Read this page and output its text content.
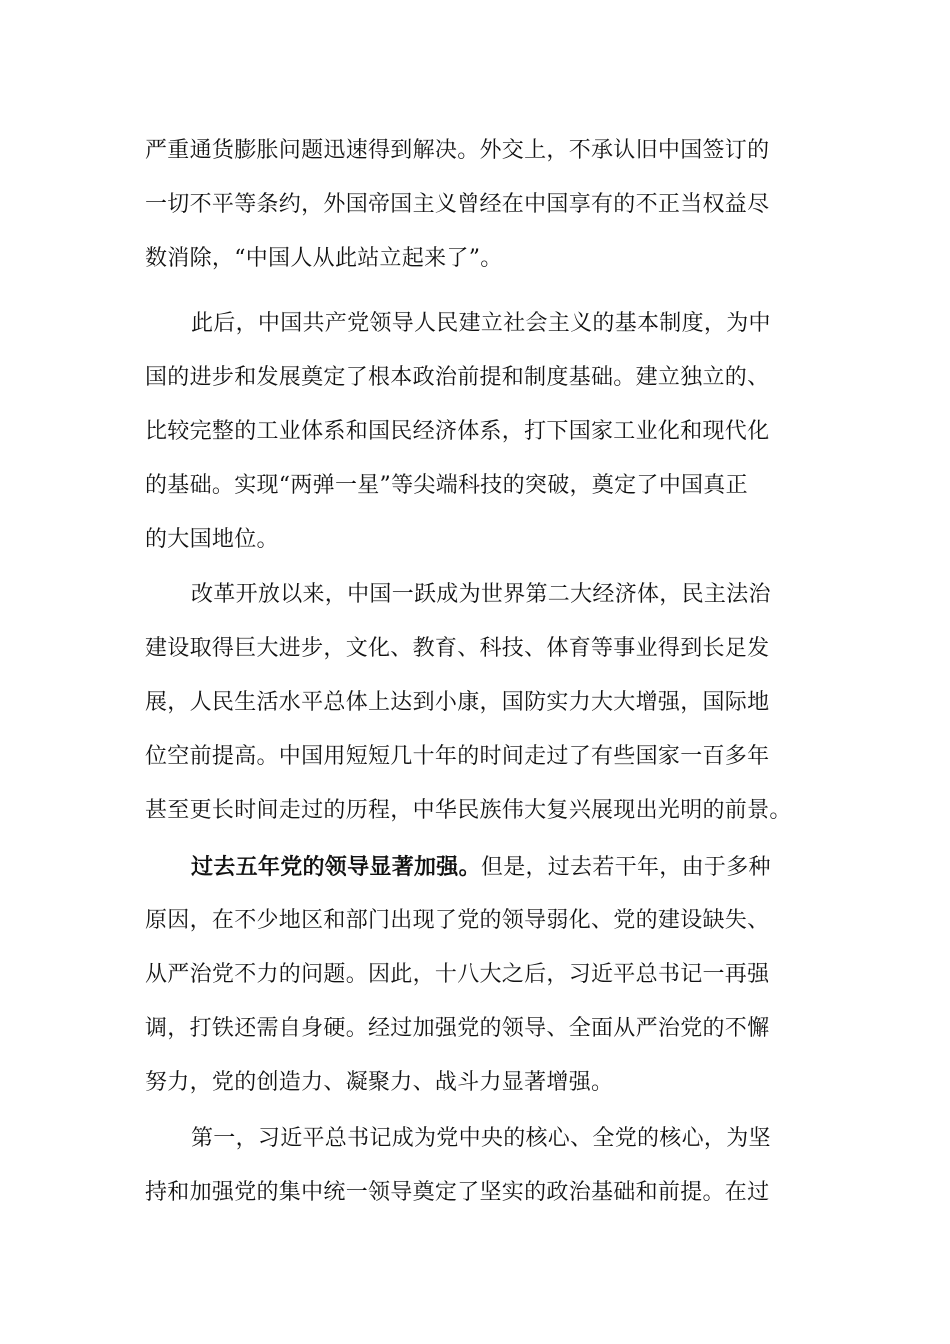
严重通货膨胀问题迅速得到解决。外交上，不承认旧中国签订的
一切不平等条约，外国帝国主义曾经在中国享有的不正当权益尽
数消除，“中国人从此站立起来了”。
此后，中国共产党领导人民建立社会主义的基本制度，为中
国的进步和发展奠定了根本政治前提和制度基础。建立独立的、
比较完整的工业体系和国民经济体系，打下国家工业化和现代化
的基础。实现“两弹一星”等尖端科技的突破，奠定了中国真正
的大国地位。
改革开放以来，中国一跃成为世界第二大经济体，民主法治
建设取得巨大进步，文化、教育、科技、体育等事业得到长足发
展，人民生活水平总体上达到小康，国防实力大大增强，国际地
位空前提高。中国用短短几十年的时间走过了有些国家一百多年
甚至更长时间走过的历程，中华民族伟大复兴展现出光明的前景。
过去五年党的领导显著加强。但是，过去若干年，由于多种
原因，在不少地区和部门出现了党的领导弱化、党的建设缺失、
从严治党不力的问题。因此，十八大之后，习近平总书记一再强
调，打铁还需自身硬。经过加强党的领导、全面从严治党的不懈
努力，党的创造力、凝聚力、战斗力显著增强。
第一，习近平总书记成为党中央的核心、全党的核心，为坚
持和加强党的集中统一领导奠定了坚实的政治基础和前提。在过
